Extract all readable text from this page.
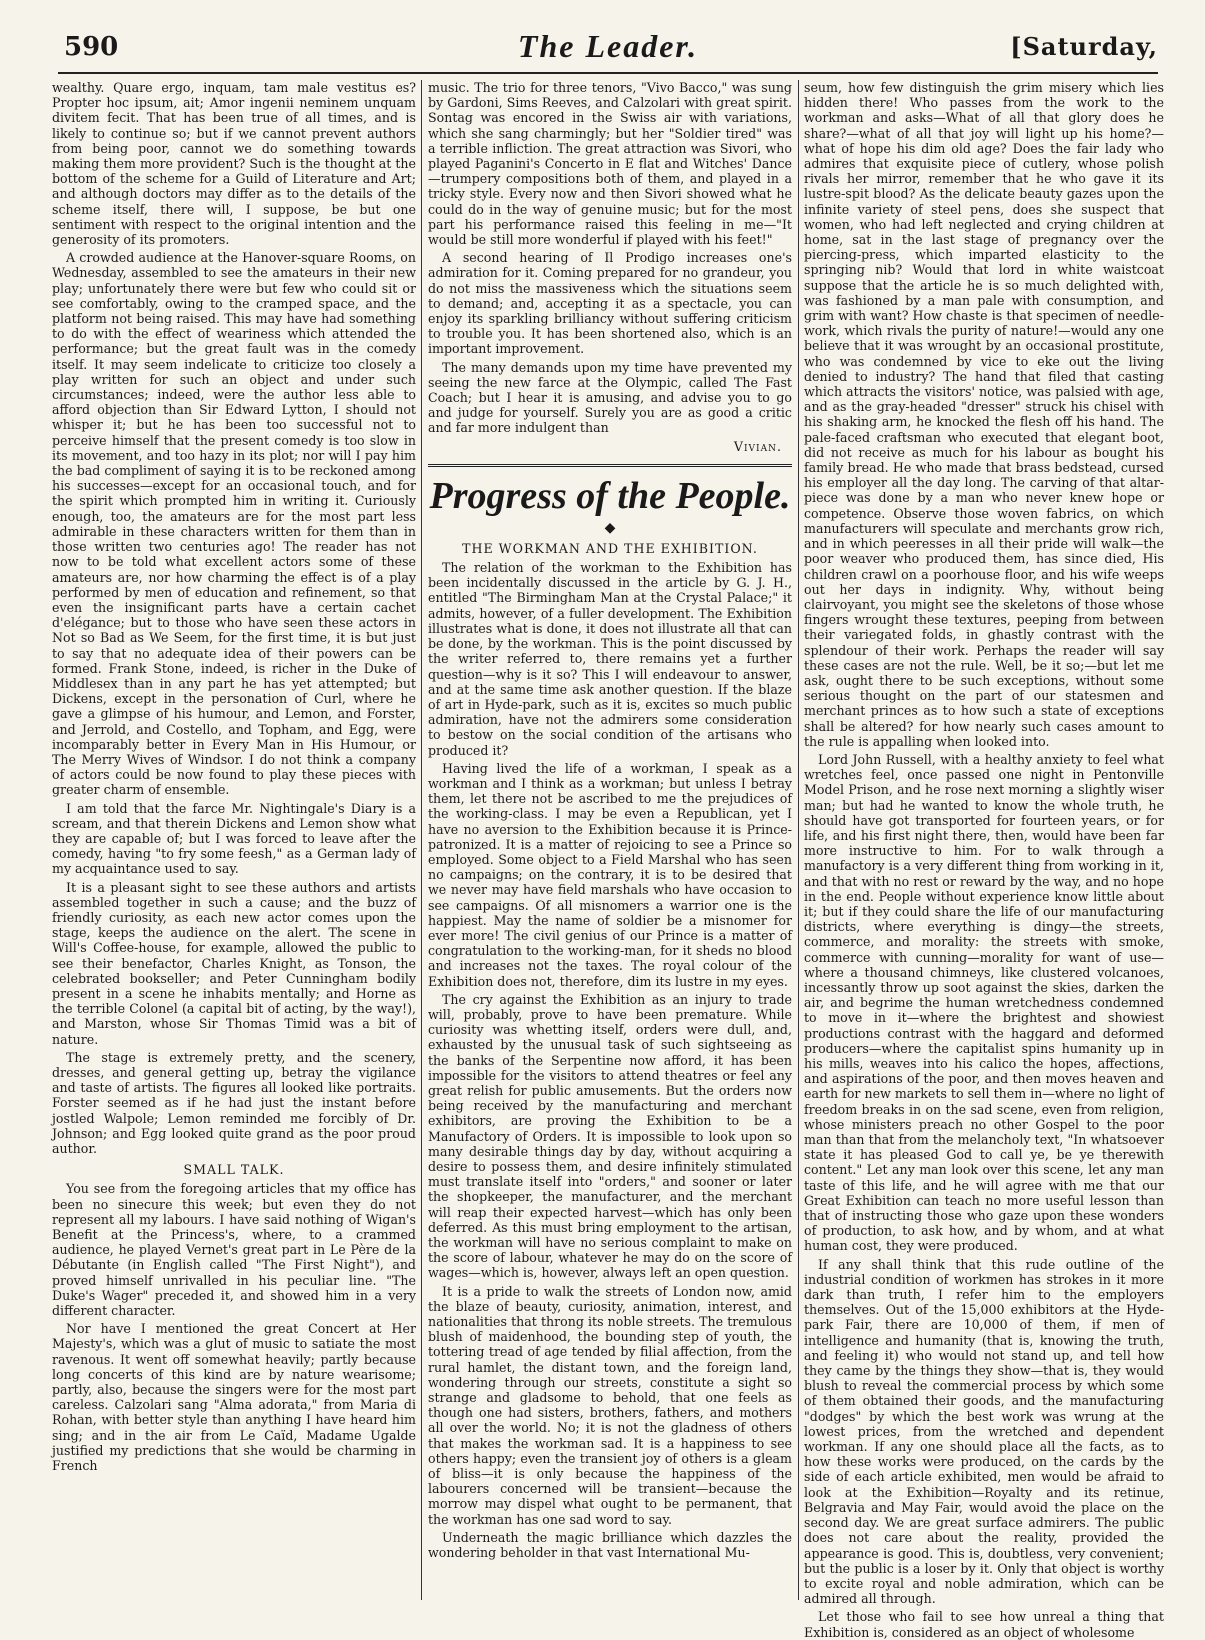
590	The Leader.	[Saturday,

wealthy. Quare ergo, inquam, tam male vestitus es? Propter hoc ipsum, ait; Amor ingenii neminem unquam divitem fecit. That has been true of all times, and is likely to continue so; but if we cannot prevent authors from being poor, cannot we do something towards making them more provident? Such is the thought at the bottom of the scheme for a Guild of Literature and Art; and although doctors may differ as to the details of the scheme itself, there will, I suppose, be but one sentiment with respect to the original intention and the generosity of its promoters.

A crowded audience at the Hanover-square Rooms, on Wednesday, assembled to see the amateurs in their new play; unfortunately there were but few who could sit or see comfortably, owing to the cramped space, and the platform not being raised. This may have had something to do with the effect of weariness which attended the performance; but the great fault was in the comedy itself. It may seem indelicate to criticize too closely a play written for such an object and under such circumstances; indeed, were the author less able to afford objection than Sir Edward Lytton, I should not whisper it; but he has been too successful not to perceive himself that the present comedy is too slow in its movement, and too hazy in its plot; nor will I pay him the bad compliment of saying it is to be reckoned among his successes—except for an occasional touch, and for the spirit which prompted him in writing it. Curiously enough, too, the amateurs are for the most part less admirable in these characters written for them than in those written two centuries ago! The reader has not now to be told what excellent actors some of these amateurs are, nor how charming the effect is of a play performed by men of education and refinement, so that even the insignificant parts have a certain cachet d'elégance; but to those who have seen these actors in Not so Bad as We Seem, for the first time, it is but just to say that no adequate idea of their powers can be formed. Frank Stone, indeed, is richer in the Duke of Middlesex than in any part he has yet attempted; but Dickens, except in the personation of Curl, where he gave a glimpse of his humour, and Lemon, and Forster, and Jerrold, and Costello, and Topham, and Egg, were incomparably better in Every Man in His Humour, or The Merry Wives of Windsor. I do not think a company of actors could be now found to play these pieces with greater charm of ensemble.

I am told that the farce Mr. Nightingale's Diary is a scream, and that therein Dickens and Lemon show what they are capable of; but I was forced to leave after the comedy, having "to fry some feesh," as a German lady of my acquaintance used to say.

It is a pleasant sight to see these authors and artists assembled together in such a cause; and the buzz of friendly curiosity, as each new actor comes upon the stage, keeps the audience on the alert. The scene in Will's Coffee-house, for example, allowed the public to see their benefactor, Charles Knight, as Tonson, the celebrated bookseller; and Peter Cunningham bodily present in a scene he inhabits mentally; and Horne as the terrible Colonel (a capital bit of acting, by the way!), and Marston, whose Sir Thomas Timid was a bit of nature.

The stage is extremely pretty, and the scenery, dresses, and general getting up, betray the vigilance and taste of artists. The figures all looked like portraits. Forster seemed as if he had just the instant before jostled Walpole; Lemon reminded me forcibly of Dr. Johnson; and Egg looked quite grand as the poor proud author.

SMALL TALK.

You see from the foregoing articles that my office has been no sinecure this week; but even they do not represent all my labours. I have said nothing of Wigan's Benefit at the Princess's, where, to a crammed audience, he played Vernet's great part in Le Père de la Débutante (in English called "The First Night"), and proved himself unrivalled in his peculiar line. "The Duke's Wager" preceded it, and showed him in a very different character.

Nor have I mentioned the great Concert at Her Majesty's, which was a glut of music to satiate the most ravenous. It went off somewhat heavily; partly because long concerts of this kind are by nature wearisome; partly, also, because the singers were for the most part careless. Calzolari sang "Alma adorata," from Maria di Rohan, with better style than anything I have heard him sing; and in the air from Le Caïd, Madame Ugalde justified my predictions that she would be charming in French

music. The trio for three tenors, "Vivo Bacco," was sung by Gardoni, Sims Reeves, and Calzolari with great spirit. Sontag was encored in the Swiss air with variations, which she sang charmingly; but her "Soldier tired" was a terrible infliction. The great attraction was Sivori, who played Paganini's Concerto in E flat and Witches' Dance—trumpery compositions both of them, and played in a tricky style. Every now and then Sivori showed what he could do in the way of genuine music; but for the most part his performance raised this feeling in me—"It would be still more wonderful if played with his feet!"

A second hearing of Il Prodigo increases one's admiration for it. Coming prepared for no grandeur, you do not miss the massiveness which the situations seem to demand; and, accepting it as a spectacle, you can enjoy its sparkling brilliancy without suffering criticism to trouble you. It has been shortened also, which is an important improvement.

The many demands upon my time have prevented my seeing the new farce at the Olympic, called The Fast Coach; but I hear it is amusing, and advise you to go and judge for yourself. Surely you are as good a critic and far more indulgent than

Vivian.
Progress of the People.
◆
THE WORKMAN AND THE EXHIBITION.

The relation of the workman to the Exhibition has been incidentally discussed in the article by G. J. H., entitled "The Birmingham Man at the Crystal Palace;" it admits, however, of a fuller development. The Exhibition illustrates what is done, it does not illustrate all that can be done, by the workman. This is the point discussed by the writer referred to, there remains yet a further question—why is it so? This I will endeavour to answer, and at the same time ask another question. If the blaze of art in Hyde-park, such as it is, excites so much public admiration, have not the admirers some consideration to bestow on the social condition of the artisans who produced it?

Having lived the life of a workman, I speak as a workman and I think as a workman; but unless I betray them, let there not be ascribed to me the prejudices of the working-class. I may be even a Republican, yet I have no aversion to the Exhibition because it is Prince-patronized. It is a matter of rejoicing to see a Prince so employed. Some object to a Field Marshal who has seen no campaigns; on the contrary, it is to be desired that we never may have field marshals who have occasion to see campaigns. Of all misnomers a warrior one is the happiest. May the name of soldier be a misnomer for ever more! The civil genius of our Prince is a matter of congratulation to the working-man, for it sheds no blood and increases not the taxes. The royal colour of the Exhibition does not, therefore, dim its lustre in my eyes.

The cry against the Exhibition as an injury to trade will, probably, prove to have been premature. While curiosity was whetting itself, orders were dull, and, exhausted by the unusual task of such sightseeing as the banks of the Serpentine now afford, it has been impossible for the visitors to attend theatres or feel any great relish for public amusements. But the orders now being received by the manufacturing and merchant exhibitors, are proving the Exhibition to be a Manufactory of Orders. It is impossible to look upon so many desirable things day by day, without acquiring a desire to possess them, and desire infinitely stimulated must translate itself into "orders," and sooner or later the shopkeeper, the manufacturer, and the merchant will reap their expected harvest—which has only been deferred. As this must bring employment to the artisan, the workman will have no serious complaint to make on the score of labour, whatever he may do on the score of wages—which is, however, always left an open question.

It is a pride to walk the streets of London now, amid the blaze of beauty, curiosity, animation, interest, and nationalities that throng its noble streets. The tremulous blush of maidenhood, the bounding step of youth, the tottering tread of age tended by filial affection, from the rural hamlet, the distant town, and the foreign land, wondering through our streets, constitute a sight so strange and gladsome to behold, that one feels as though one had sisters, brothers, fathers, and mothers all over the world. No; it is not the gladness of others that makes the workman sad. It is a happiness to see others happy; even the transient joy of others is a gleam of bliss—it is only because the happiness of the labourers concerned will be transient—because the morrow may dispel what ought to be permanent, that the workman has one sad word to say.

Underneath the magic brilliance which dazzles the wondering beholder in that vast International Mu-

seum, how few distinguish the grim misery which lies hidden there! Who passes from the work to the workman and asks—What of all that glory does he share?—what of all that joy will light up his home?—what of hope his dim old age? Does the fair lady who admires that exquisite piece of cutlery, whose polish rivals her mirror, remember that he who gave it its lustre-spit blood? As the delicate beauty gazes upon the infinite variety of steel pens, does she suspect that women, who had left neglected and crying children at home, sat in the last stage of pregnancy over the piercing-press, which imparted elasticity to the springing nib? Would that lord in white waistcoat suppose that the article he is so much delighted with, was fashioned by a man pale with consumption, and grim with want? How chaste is that specimen of needle-work, which rivals the purity of nature!—would any one believe that it was wrought by an occasional prostitute, who was condemned by vice to eke out the living denied to industry? The hand that filed that casting which attracts the visitors' notice, was palsied with age, and as the gray-headed "dresser" struck his chisel with his shaking arm, he knocked the flesh off his hand. The pale-faced craftsman who executed that elegant boot, did not receive as much for his labour as bought his family bread. He who made that brass bedstead, cursed his employer all the day long. The carving of that altar-piece was done by a man who never knew hope or competence. Observe those woven fabrics, on which manufacturers will speculate and merchants grow rich, and in which peeresses in all their pride will walk—the poor weaver who produced them, has since died, His children crawl on a poorhouse floor, and his wife weeps out her days in indignity. Why, without being clairvoyant, you might see the skeletons of those whose fingers wrought these textures, peeping from between their variegated folds, in ghastly contrast with the splendour of their work. Perhaps the reader will say these cases are not the rule. Well, be it so;—but let me ask, ought there to be such exceptions, without some serious thought on the part of our statesmen and merchant princes as to how such a state of exceptions shall be altered? for how nearly such cases amount to the rule is appalling when looked into.

Lord John Russell, with a healthy anxiety to feel what wretches feel, once passed one night in Pentonville Model Prison, and he rose next morning a slightly wiser man; but had he wanted to know the whole truth, he should have got transported for fourteen years, or for life, and his first night there, then, would have been far more instructive to him. For to walk through a manufactory is a very different thing from working in it, and that with no rest or reward by the way, and no hope in the end. People without experience know little about it; but if they could share the life of our manufacturing districts, where everything is dingy—the streets, commerce, and morality: the streets with smoke, commerce with cunning—morality for want of use—where a thousand chimneys, like clustered volcanoes, incessantly throw up soot against the skies, darken the air, and begrime the human wretchedness condemned to move in it—where the brightest and showiest productions contrast with the haggard and deformed producers—where the capitalist spins humanity up in his mills, weaves into his calico the hopes, affections, and aspirations of the poor, and then moves heaven and earth for new markets to sell them in—where no light of freedom breaks in on the sad scene, even from religion, whose ministers preach no other Gospel to the poor man than that from the melancholy text, "In whatsoever state it has pleased God to call ye, be ye therewith content." Let any man look over this scene, let any man taste of this life, and he will agree with me that our Great Exhibition can teach no more useful lesson than that of instructing those who gaze upon these wonders of production, to ask how, and by whom, and at what human cost, they were produced.

If any shall think that this rude outline of the industrial condition of workmen has strokes in it more dark than truth, I refer him to the employers themselves. Out of the 15,000 exhibitors at the Hyde-park Fair, there are 10,000 of them, if men of intelligence and humanity (that is, knowing the truth, and feeling it) who would not stand up, and tell how they came by the things they show—that is, they would blush to reveal the commercial process by which some of them obtained their goods, and the manufacturing "dodges" by which the best work was wrung at the lowest prices, from the wretched and dependent workman. If any one should place all the facts, as to how these works were produced, on the cards by the side of each article exhibited, men would be afraid to look at the Exhibition—Royalty and its retinue, Belgravia and May Fair, would avoid the place on the second day. We are great surface admirers. The public does not care about the reality, provided the appearance is good. This is, doubtless, very convenient; but the public is a loser by it. Only that object is worthy to excite royal and noble admiration, which can be admired all through.

Let those who fail to see how unreal a thing that Exhibition is, considered as an object of wholesome
